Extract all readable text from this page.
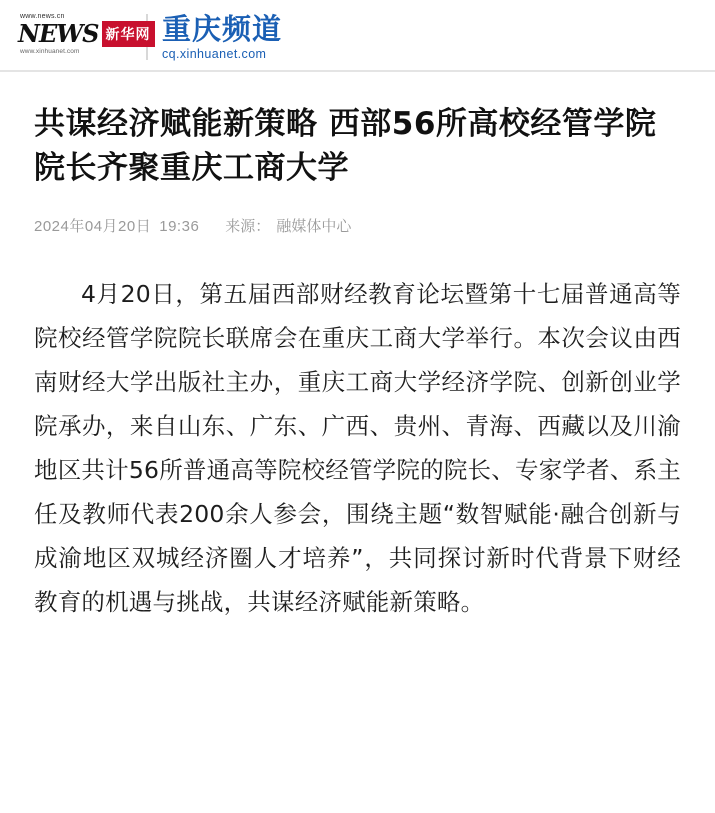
www.news.cn
NEWS 新华网
www.xinhuanet.com
重庆频道
cq.xinhuanet.com
共谋经济赋能新策略 西部56所高校经管学院院长齐聚重庆工商大学
2024年04月20日 19:36 来源： 融媒体中心

4月20日，第五届西部财经教育论坛暨第十七届普通高等院校经管学院院长联席会在重庆工商大学举行。本次会议由西南财经大学出版社主办，重庆工商大学经济学院、创新创业学院承办，来自山东、广东、广西、贵州、青海、西藏以及川渝地区共计56所普通高等院校经管学院的院长、专家学者、系主任及教师代表200余人参会，围绕主题“数智赋能·融合创新与成渝地区双城经济圈人才培养”，共同探讨新时代背景下财经教育的机遇与挑战，共谋经济赋能新策略。
